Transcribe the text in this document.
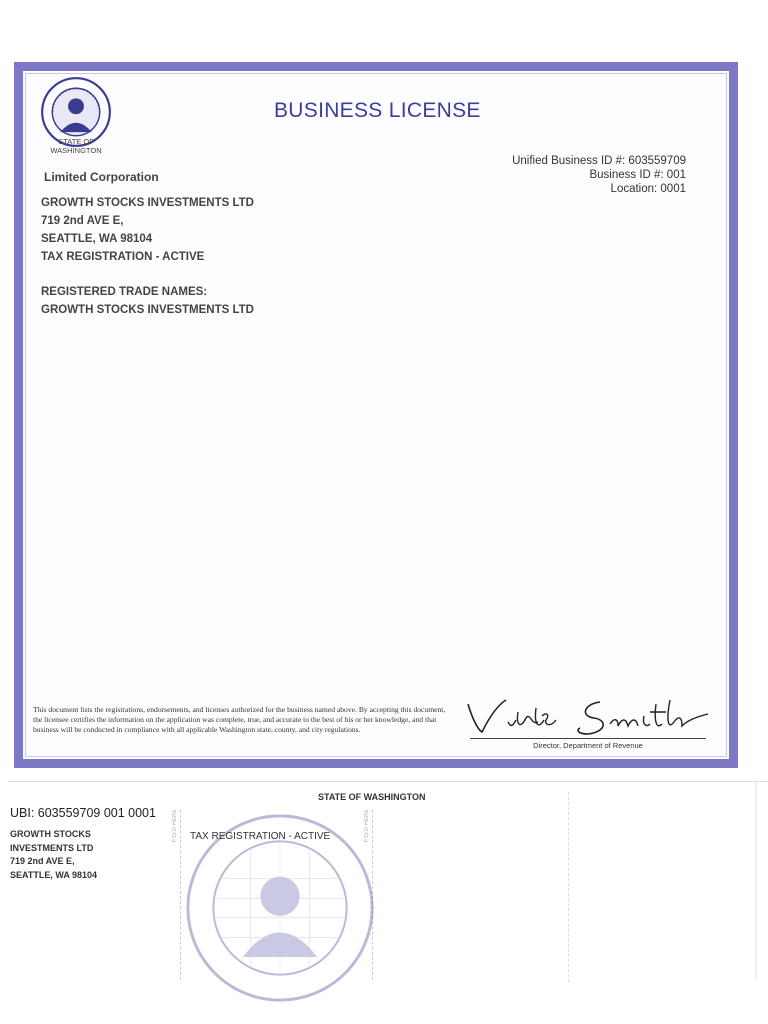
STATE OF
WASHINGTON
BUSINESS LICENSE
Unified Business ID #: 603559709
Business ID #: 001
Location: 0001
Limited Corporation
GROWTH STOCKS INVESTMENTS LTD
719 2nd AVE E,
SEATTLE, WA 98104
TAX REGISTRATION - ACTIVE
REGISTERED TRADE NAMES:
GROWTH STOCKS INVESTMENTS LTD
This document lists the registrations, endorsements, and licenses authorized for the business named above. By accepting this document, the licensee certifies the information on the application was complete, true, and accurate to the best of his or her knowledge, and that business will be conducted in compliance with all applicable Washington state, county, and city regulations.
Director, Department of Revenue
STATE OF WASHINGTON
UBI: 603559709 001 0001
GROWTH STOCKS
INVESTMENTS LTD
719 2nd AVE E,
SEATTLE, WA 98104
FOLD HERE	FOLD HERE
TAX REGISTRATION - ACTIVE
